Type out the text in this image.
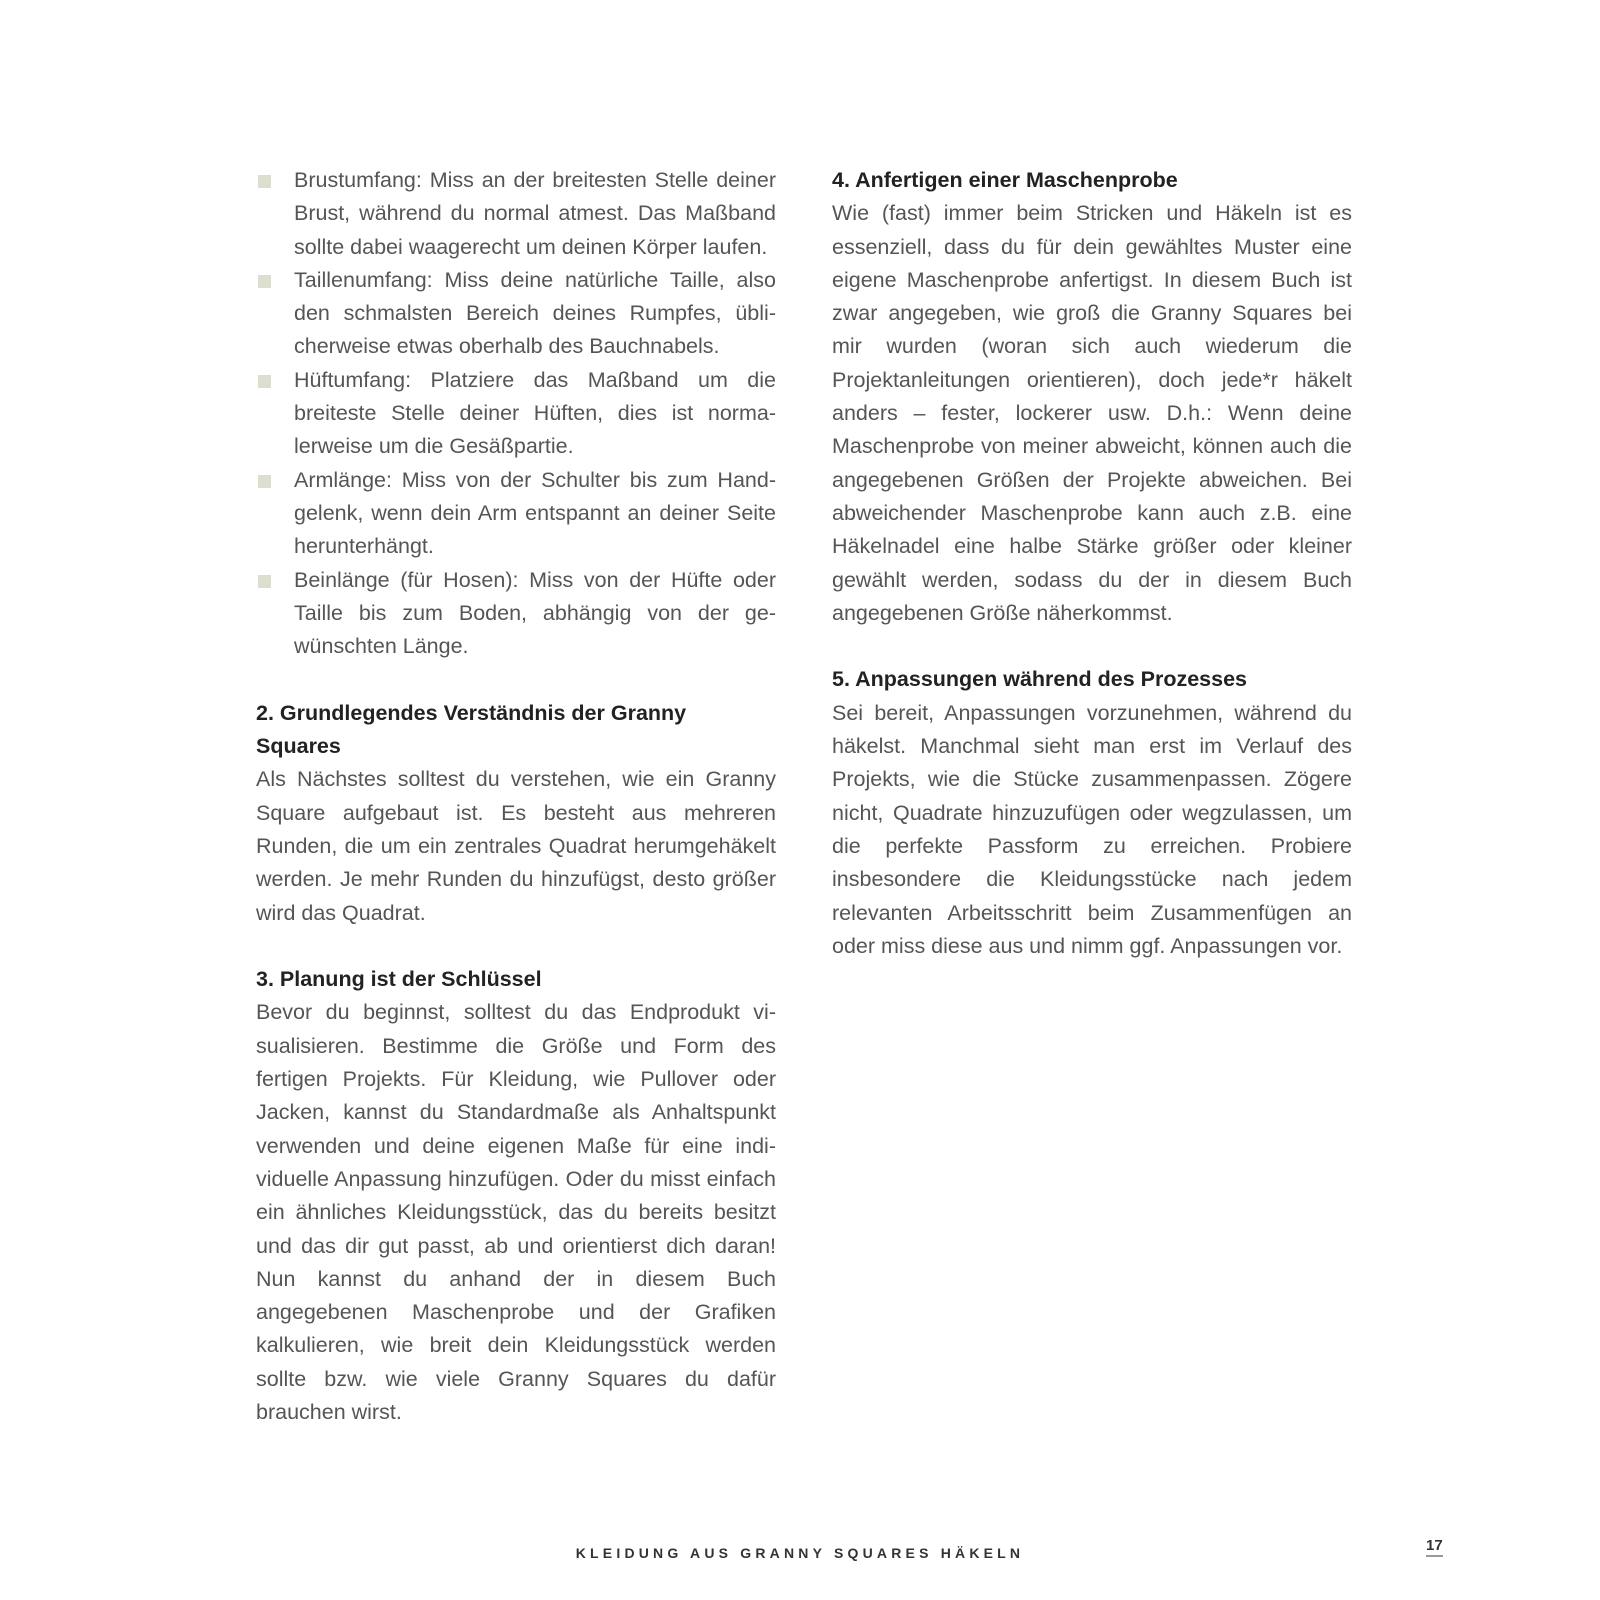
Brustumfang: Miss an der breitesten Stelle deiner Brust, während du normal atmest. Das Maßband sollte dabei waagerecht um deinen Körper laufen.
Taillenumfang: Miss deine natürliche Taille, also den schmalsten Bereich deines Rumpfes, üblicherweise etwas oberhalb des Bauchnabels.
Hüftumfang: Platziere das Maßband um die breiteste Stelle deiner Hüften, dies ist normalerweise um die Gesäßpartie.
Armlänge: Miss von der Schulter bis zum Handgelenk, wenn dein Arm entspannt an deiner Seite herunterhängt.
Beinlänge (für Hosen): Miss von der Hüfte oder Taille bis zum Boden, abhängig von der gewünschten Länge.

2. Grundlegendes Verständnis der Granny Squares

Als Nächstes solltest du verstehen, wie ein Granny Square aufgebaut ist. Es besteht aus mehreren Runden, die um ein zentrales Quadrat herumgehäkelt werden. Je mehr Runden du hinzufügst, desto größer wird das Quadrat.

3. Planung ist der Schlüssel

Bevor du beginnst, solltest du das Endprodukt visualisieren. Bestimme die Größe und Form des fertigen Projekts. Für Kleidung, wie Pullover oder Jacken, kannst du Standardmaße als Anhaltspunkt verwenden und deine eigenen Maße für eine individuelle Anpassung hinzufügen. Oder du misst einfach ein ähnliches Kleidungsstück, das du bereits besitzt und das dir gut passt, ab und orientierst dich daran! Nun kannst du anhand der in diesem Buch angegebenen Maschenprobe und der Grafiken kalkulieren, wie breit dein Kleidungsstück werden sollte bzw. wie viele Granny Squares du dafür brauchen wirst.

4. Anfertigen einer Maschenprobe

Wie (fast) immer beim Stricken und Häkeln ist es essenziell, dass du für dein gewähltes Muster eine eigene Maschenprobe anfertigst. In diesem Buch ist zwar angegeben, wie groß die Granny Squares bei mir wurden (woran sich auch wiederum die Projektanleitungen orientieren), doch jede*r häkelt anders – fester, lockerer usw. D.h.: Wenn deine Maschenprobe von meiner abweicht, können auch die angegebenen Größen der Projekte abweichen. Bei abweichender Maschenprobe kann auch z.B. eine Häkelnadel eine halbe Stärke größer oder kleiner gewählt werden, sodass du der in diesem Buch angegebenen Größe näherkommst.

5. Anpassungen während des Prozesses

Sei bereit, Anpassungen vorzunehmen, während du häkelst. Manchmal sieht man erst im Verlauf des Projekts, wie die Stücke zusammenpassen. Zögere nicht, Quadrate hinzuzufügen oder wegzulassen, um die perfekte Passform zu erreichen. Probiere insbesondere die Kleidungsstücke nach jedem relevanten Arbeitsschritt beim Zusammenfügen an oder miss diese aus und nimm ggf. Anpassungen vor.

KLEIDUNG AUS GRANNY SQUARES HÄKELN	17
